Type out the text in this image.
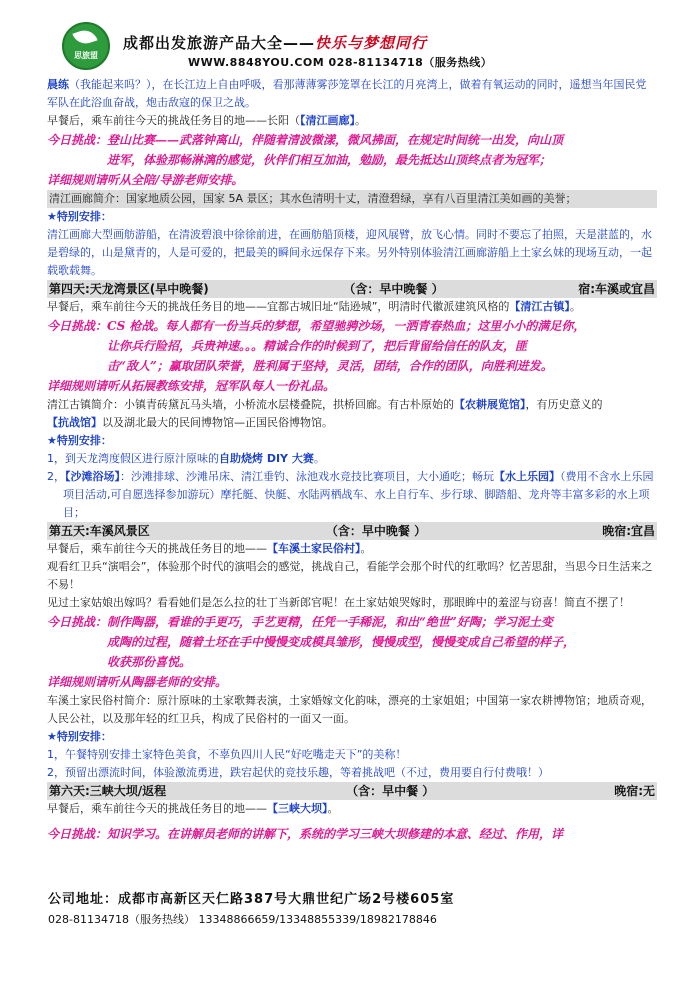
思旅盟
成都出发旅游产品大全——快乐与梦想同行
WWW.8848YOU.COM 028-81134718（服务热线）

晨练（我能起来吗？），在长江边上自由呼吸，看那薄薄雾莎笼罩在长江的月亮湾上，做着有氧运动的同时，遥想当年国民党军队在此浴血奋战，炮击敌寇的保卫之战。

早餐后，乘车前往今天的挑战任务目的地——长阳（【清江画廊】。

今日挑战：登山比赛——武落钟离山，伴随着清波微漾，微风拂面，在规定时间统一出发，向山顶
进军，体验那畅淋漓的感觉，伙伴们相互加油，勉励，最先抵达山顶终点者为冠军；
详细规则请听从全陪/导游老师安排。

清江画廊简介：国家地质公园，国家 5A 景区；其水色清明十丈，清澄碧绿，享有八百里清江美如画的美誉；

★特别安排：

清江画廊大型画舫游船，在清波碧浪中徐徐前进，在画舫船顶楼，迎风展臂，放飞心情。同时不要忘了拍照，天是湛蓝的，水是碧绿的，山是黛青的，人是可爱的，把最美的瞬间永远保存下来。另外特别体验清江画廊游船上土家幺妹的现场互动，一起载歌载舞。

第四天:天龙湾景区(早中晚餐)	（含：早中晚餐 ）	宿:车溪或宜昌

早餐后，乘车前往今天的挑战任务目的地——宜都古城旧址“陆逊城”，明清时代徽派建筑风格的【清江古镇】。

今日挑战：CS 枪战。每人都有一份当兵的梦想，希望驰骋沙场，一洒青春热血；这里小小的满足你，
让你兵行险招，兵贵神速。。。精诚合作的时候到了，把后背留给信任的队友，匪
击“敌人”；赢取团队荣誉，胜利属于坚持，灵活，团结，合作的团队，向胜利进发。
详细规则请听从拓展教练安排，冠军队每人一份礼品。

清江古镇简介：小镇青砖黛瓦马头墙，小桥流水层楼叠院，拱桥回廊。有古朴原始的【农耕展览馆】，有历史意义的【抗战馆】以及湖北最大的民间博物馆—正国民俗博物馆。

★特别安排：

1，到天龙湾度假区进行原汁原味的自助烧烤 DIY 大赛。

2，【沙滩浴场】：沙滩排球、沙滩吊床、清江垂钓、泳池戏水竞技比赛项目，大小通吃；畅玩【水上乐园】（费用不含水上乐园项目活动,可自愿选择参加游玩）摩托艇、快艇、水陆两栖战车、水上自行车、步行球、脚踏船、龙舟等丰富多彩的水上项目；

第五天:车溪风景区	（含：早中晚餐 ）	晚宿:宜昌

早餐后，乘车前往今天的挑战任务目的地——【车溪土家民俗村】。

观看红卫兵“演唱会”，体验那个时代的演唱会的感觉，挑战自己，看能学会那个时代的红歌吗？忆苦思甜，当思今日生活来之不易！

见过土家姑娘出嫁吗？看看她们是怎么拉的壮丁当新郎官呢！在土家姑娘哭嫁时，那眼眸中的羞涩与窃喜！简直不摆了！

今日挑战：制作陶器，看谁的手更巧，手艺更精，任凭一手稀泥，和出“绝世”好陶；学习泥土变
成陶的过程，随着土坯在手中慢慢变成模具雏形，慢慢成型，慢慢变成自己希望的样子，
收获那份喜悦。
详细规则请听从陶器老师的安排。

车溪土家民俗村简介：原汁原味的土家歌舞表演，土家婚嫁文化韵味，漂亮的土家姐姐；中国第一家农耕博物馆；地质奇观，人民公社，以及那年轻的红卫兵，构成了民俗村的一面又一面。

★特别安排：

1，午餐特别安排土家特色美食，不辜负四川人民“好吃嘴走天下”的美称！

2，预留出漂流时间，体验激流勇进，跌宕起伏的竞技乐趣，等着挑战吧（不过，费用要自行付费哦！）

第六天:三峡大坝/返程	（含：早中餐 ）	晚宿:无

早餐后，乘车前往今天的挑战任务目的地——【三峡大坝】。

今日挑战：知识学习。在讲解员老师的讲解下，系统的学习三峡大坝修建的本意、经过、作用，详
公司地址：成都市高新区天仁路387号大鼎世纪广场2号楼605室
028-81134718（服务热线） 13348866659/13348855339/18982178846
